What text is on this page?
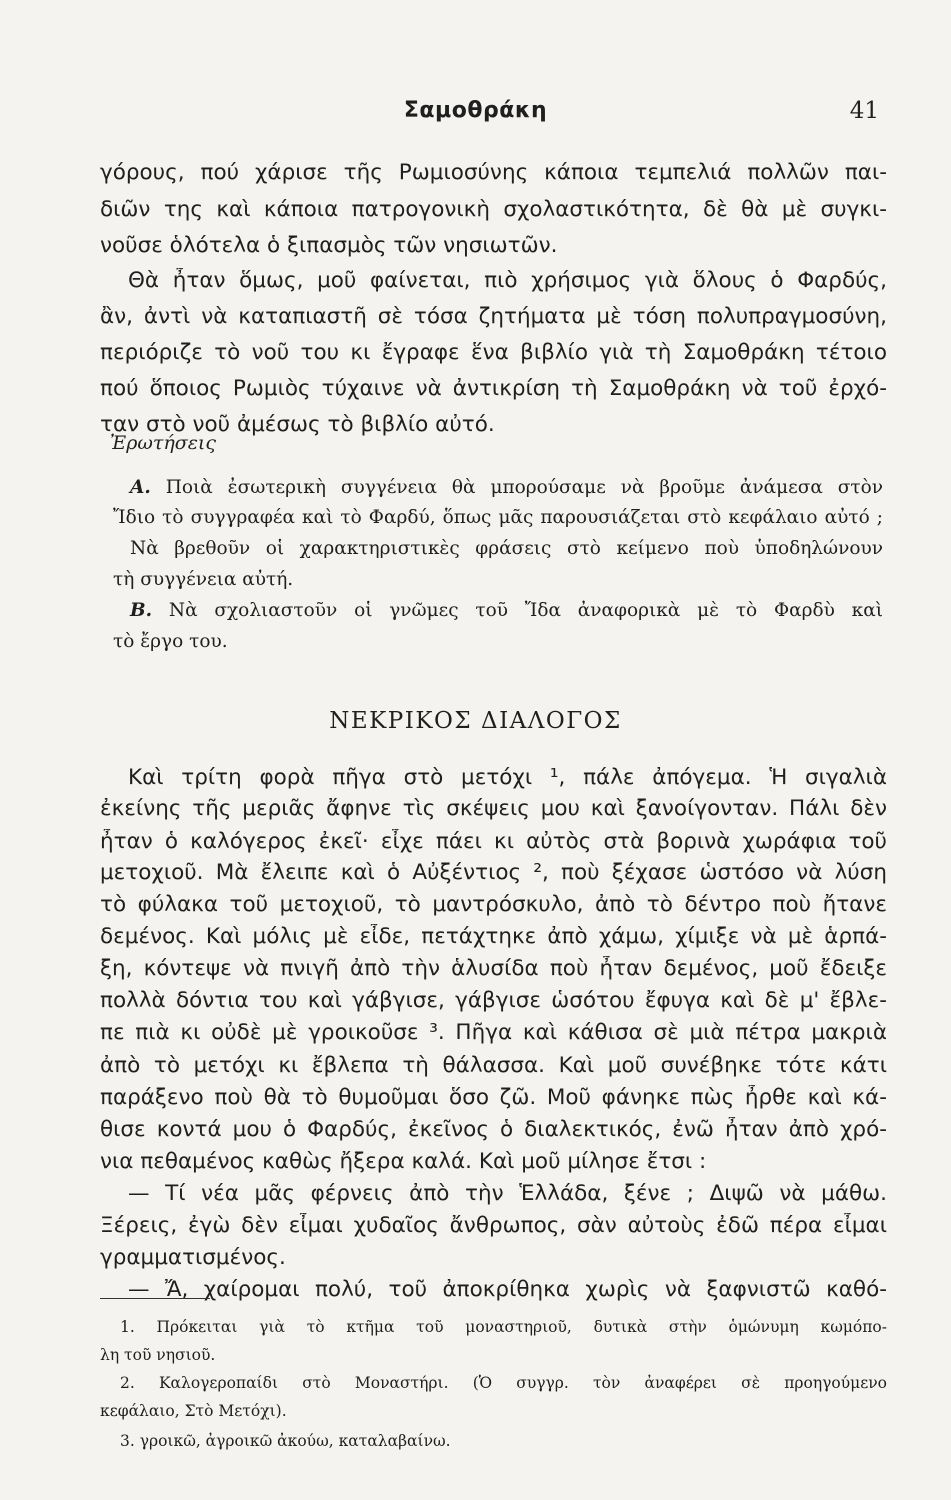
Σαμοθράκη	41
γόρους, πού χάρισε τῆς Ρωμιοσύνης κάποια τεμπελιά πολλῶν παι-
διῶν της καὶ κάποια πατρογονικὴ σχολαστικότητα, δὲ θὰ μὲ συγκι-
νοῦσε ὁλότελα ὁ ξιπασμὸς τῶν νησιωτῶν.
Θὰ ἦταν ὅμως, μοῦ φαίνεται, πιὸ χρήσιμος γιὰ ὅλους ὁ Φαρδύς,
ἂν, ἀντὶ νὰ καταπιαστῆ σὲ τόσα ζητήματα μὲ τόση πολυπραγμοσύνη,
περιόριζε τὸ νοῦ του κι ἔγραφε ἕνα βιβλίο γιὰ τὴ Σαμοθράκη τέτοιο
πού ὅποιος Ρωμιὸς τύχαινε νὰ ἀντικρίση τὴ Σαμοθράκη νὰ τοῦ ἐρχό-
ταν στὸ νοῦ ἀμέσως τὸ βιβλίο αὐτό.
Ἐρωτήσεις
Α. Ποιὰ ἐσωτερικὴ συγγένεια θὰ μπορούσαμε νὰ βροῦμε ἀνάμεσα στὸν
Ἴδιο τὸ συγγραφέα καὶ τὸ Φαρδύ, ὅπως μᾶς παρουσιάζεται στὸ κεφάλαιο αὐτό ;
Νὰ βρεθοῦν οἱ χαρακτηριστικὲς φράσεις στὸ κείμενο ποὺ ὑποδηλώνουν
τὴ συγγένεια αὐτή.
Β. Νὰ σχολιαστοῦν οἱ γνῶμες τοῦ Ἴδα ἀναφορικὰ μὲ τὸ Φαρδὺ καὶ
τὸ ἔργο του.
ΝΕΚΡΙΚΟΣ ΔΙΑΛΟΓΟΣ
Καὶ τρίτη φορὰ πῆγα στὸ μετόχι ¹, πάλε ἀπόγεμα. Ἡ σιγαλιὰ
ἐκείνης τῆς μεριᾶς ἄφηνε τὶς σκέψεις μου καὶ ξανοίγονταν. Πάλι δὲν
ἦταν ὁ καλόγερος ἐκεῖ· εἶχε πάει κι αὐτὸς στὰ βορινὰ χωράφια τοῦ
μετοχιοῦ. Μὰ ἔλειπε καὶ ὁ Αὐξέντιος ², ποὺ ξέχασε ὡστόσο νὰ λύση
τὸ φύλακα τοῦ μετοχιοῦ, τὸ μαντρόσκυλο, ἀπὸ τὸ δέντρο ποὺ ἤτανε
δεμένος. Καὶ μόλις μὲ εἶδε, πετάχτηκε ἀπὸ χάμω, χίμιξε νὰ μὲ ἁρπά-
ξη, κόντεψε νὰ πνιγῆ ἀπὸ τὴν ἁλυσίδα ποὺ ἦταν δεμένος, μοῦ ἔδειξε
πολλὰ δόντια του καὶ γάβγισε, γάβγισε ὡσότου ἔφυγα καὶ δὲ μ' ἔβλε-
πε πιὰ κι οὐδὲ μὲ γροικοῦσε ³. Πῆγα καὶ κάθισα σὲ μιὰ πέτρα μακριὰ
ἀπὸ τὸ μετόχι κι ἔβλεπα τὴ θάλασσα. Καὶ μοῦ συνέβηκε τότε κάτι
παράξενο ποὺ θὰ τὸ θυμοῦμαι ὅσο ζῶ. Μοῦ φάνηκε πὼς ἦρθε καὶ κά-
θισε κοντά μου ὁ Φαρδύς, ἐκεῖνος ὁ διαλεκτικός, ἐνῶ ἦταν ἀπὸ χρό-
νια πεθαμένος καθὼς ἤξερα καλά. Καὶ μοῦ μίλησε ἔτσι :
— Τί νέα μᾶς φέρνεις ἀπὸ τὴν Ἑλλάδα, ξένε ; Διψῶ νὰ μάθω.
Ξέρεις, ἐγὼ δὲν εἶμαι χυδαῖος ἄνθρωπος, σὰν αὐτοὺς ἐδῶ πέρα εἶμαι
γραμματισμένος.
— Ἄ, χαίρομαι πολύ, τοῦ ἀποκρίθηκα χωρὶς νὰ ξαφνιστῶ καθό-
1. Πρόκειται γιὰ τὸ κτῆμα τοῦ μοναστηριοῦ, δυτικὰ στὴν ὁμώνυμη κωμόπο-
λη τοῦ νησιοῦ.
2. Καλογεροπαίδι στὸ Μοναστήρι. (Ὁ συγγρ. τὸν ἀναφέρει σὲ προηγούμενο
κεφάλαιο, Στὸ Μετόχι).
3. γροικῶ, ἀγροικῶ ἀκούω, καταλαβαίνω.
